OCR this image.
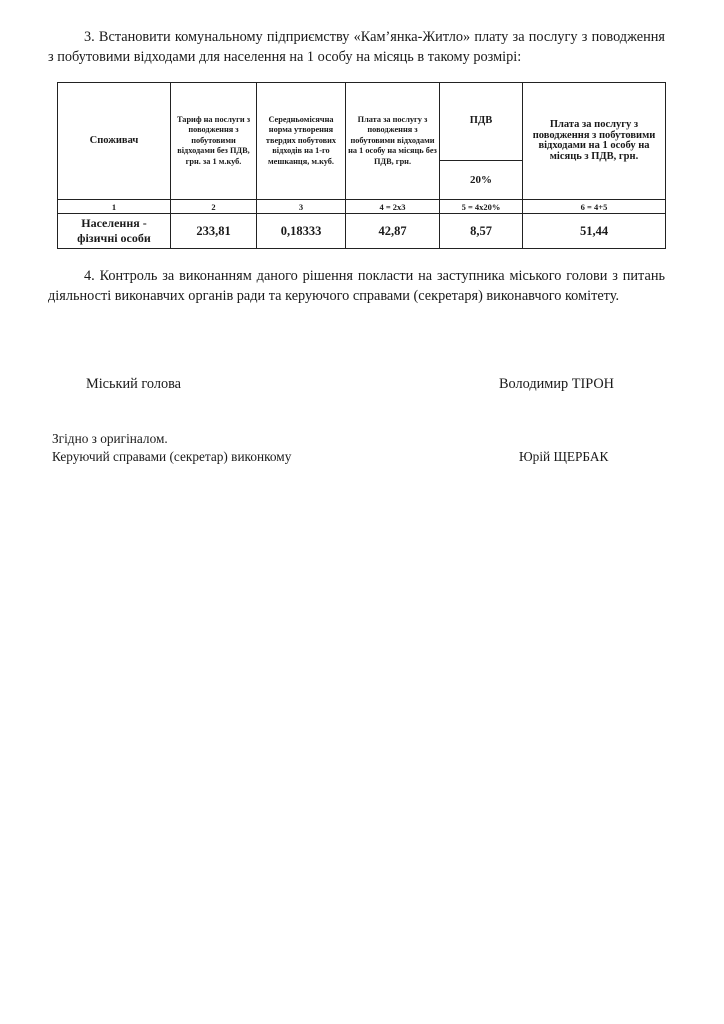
3. Встановити комунальному підприємству «Кам’янка-Житло» плату за послугу з поводження з побутовими відходами для населення на 1 особу на місяць в такому розмірі:
Споживач	Тариф на послуги з поводження з побутовими відходами без ПДВ, грн. за 1 м.куб.	Середньомісячна норма утворення твердих побутових відходів на 1-го мешканця, м.куб.	Плата за послугу з поводження з побутовими відходами на 1 особу на місяць без ПДВ, грн.	ПДВ	Плата за послугу з поводження з побутовими відходами на 1 особу на місяць з ПДВ, грн.
				20%	
1	2	3	4 = 2х3	5 = 4х20%	6 = 4+5
Населення - фізичні особи	233,81	0,18333	42,87	8,57	51,44
4. Контроль за виконанням даного рішення покласти на заступника міського голови з питань діяльності виконавчих органів ради та керуючого справами (секретаря) виконавчого комітету.
Міський голова	Володимир ТІРОН
Згідно з оригіналом.
Керуючий справами (секретар) виконкому	Юрій ЩЕРБАК
